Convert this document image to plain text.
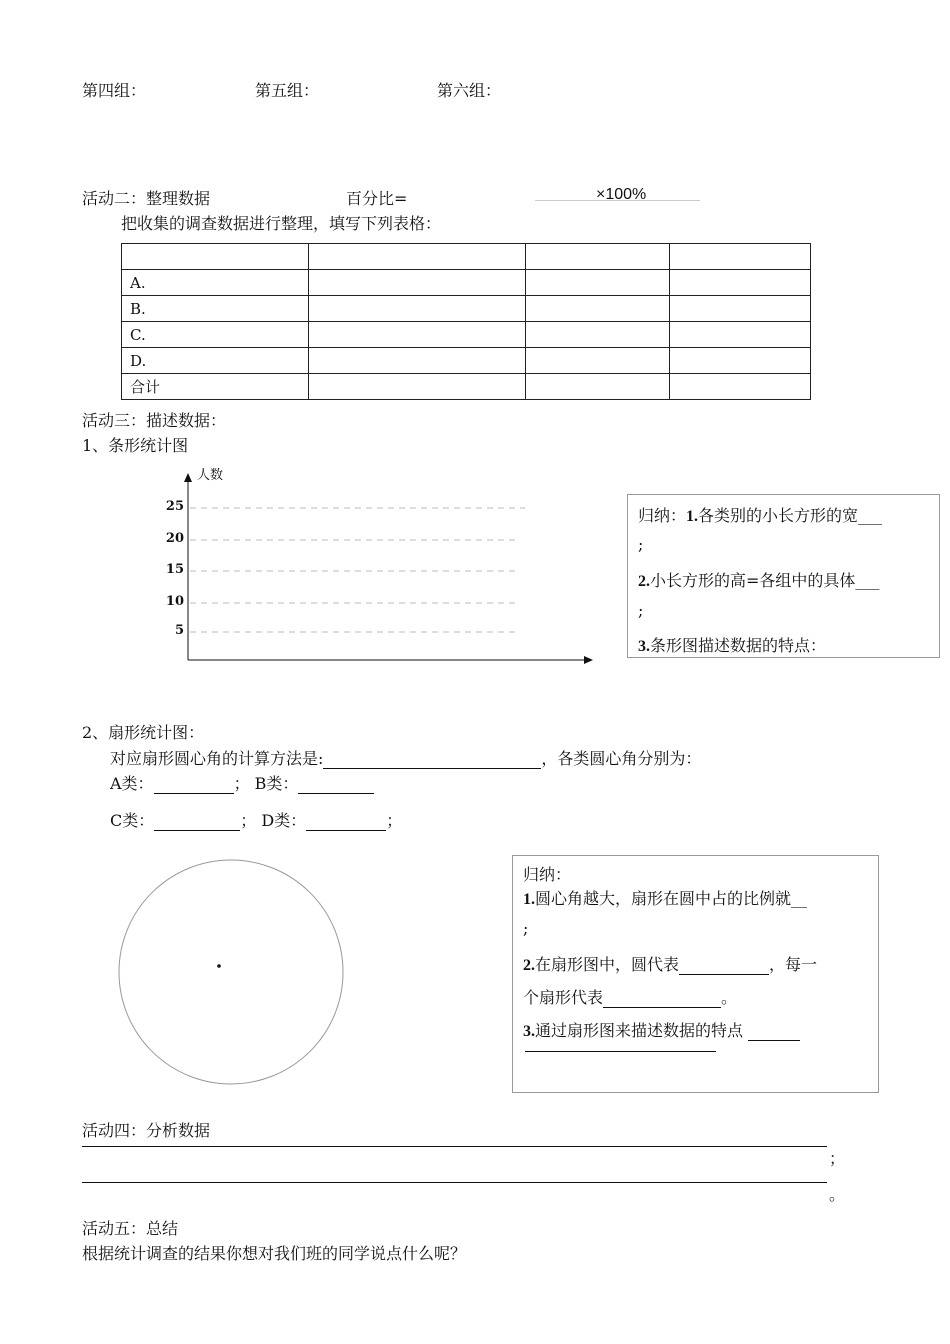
第四组：	第五组：	第六组：
活动二：整理数据	百分比=	×100%
把收集的调查数据进行整理，填写下列表格：

A.			
B.			
C.			
D.			
合计			
活动三：描述数据：
1、条形统计图
人数
25
20
15
10
5
归纳：1.各类别的小长方形的宽___
;
2.小长方形的高=各组中的具体___
;
3.条形图描述数据的特点：
2、扇形统计图：
对应扇形圆心角的计算方法是:	，各类圆心角分别为：
A类：	； B类：
C类：	； D类：	；
归纳：
1.圆心角越大，扇形在圆中占的比例就__
;
2.在扇形图中，圆代表	，每一
个扇形代表	。
3.通过扇形图来描述数据的特点
活动四：分析数据
；
。
活动五：总结
根据统计调查的结果你想对我们班的同学说点什么呢？
